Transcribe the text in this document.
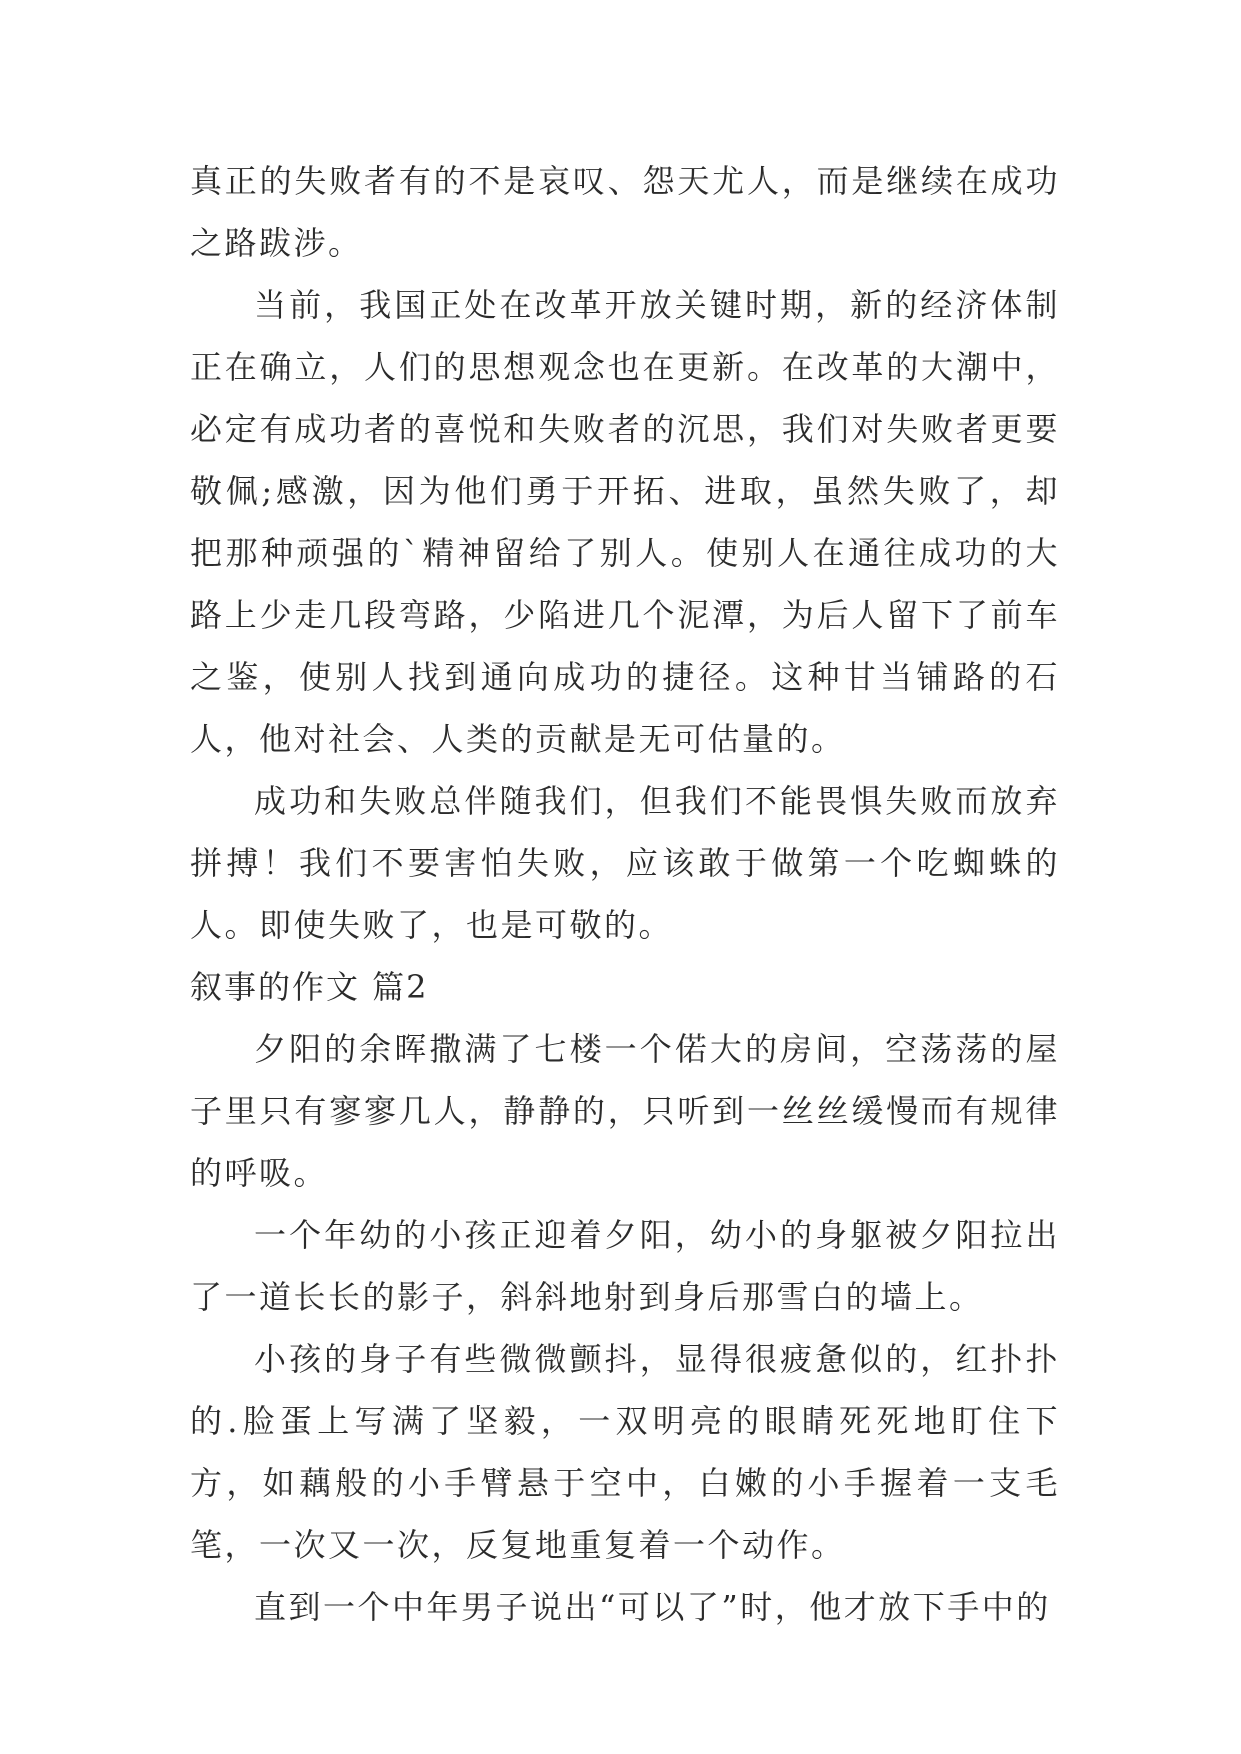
真正的失败者有的不是哀叹、怨天尤人，而是继续在成功之路跋涉。

当前，我国正处在改革开放关键时期，新的经济体制正在确立，人们的思想观念也在更新。在改革的大潮中，必定有成功者的喜悦和失败者的沉思，我们对失败者更要敬佩;感激，因为他们勇于开拓、进取，虽然失败了，却把那种顽强的`精神留给了别人。使别人在通往成功的大路上少走几段弯路，少陷进几个泥潭，为后人留下了前车之鉴，使别人找到通向成功的捷径。这种甘当铺路的石人，他对社会、人类的贡献是无可估量的。

成功和失败总伴随我们，但我们不能畏惧失败而放弃拼搏！我们不要害怕失败，应该敢于做第一个吃蜘蛛的人。即使失败了，也是可敬的。

叙事的作文 篇2

夕阳的余晖撒满了七楼一个偌大的房间，空荡荡的屋子里只有寥寥几人，静静的，只听到一丝丝缓慢而有规律的呼吸。

一个年幼的小孩正迎着夕阳，幼小的身躯被夕阳拉出了一道长长的影子，斜斜地射到身后那雪白的墙上。

小孩的身子有些微微颤抖，显得很疲惫似的，红扑扑的.脸蛋上写满了坚毅，一双明亮的眼睛死死地盯住下方，如藕般的小手臂悬于空中，白嫩的小手握着一支毛笔，一次又一次，反复地重复着一个动作。

直到一个中年男子说出“可以了”时，他才放下手中的
